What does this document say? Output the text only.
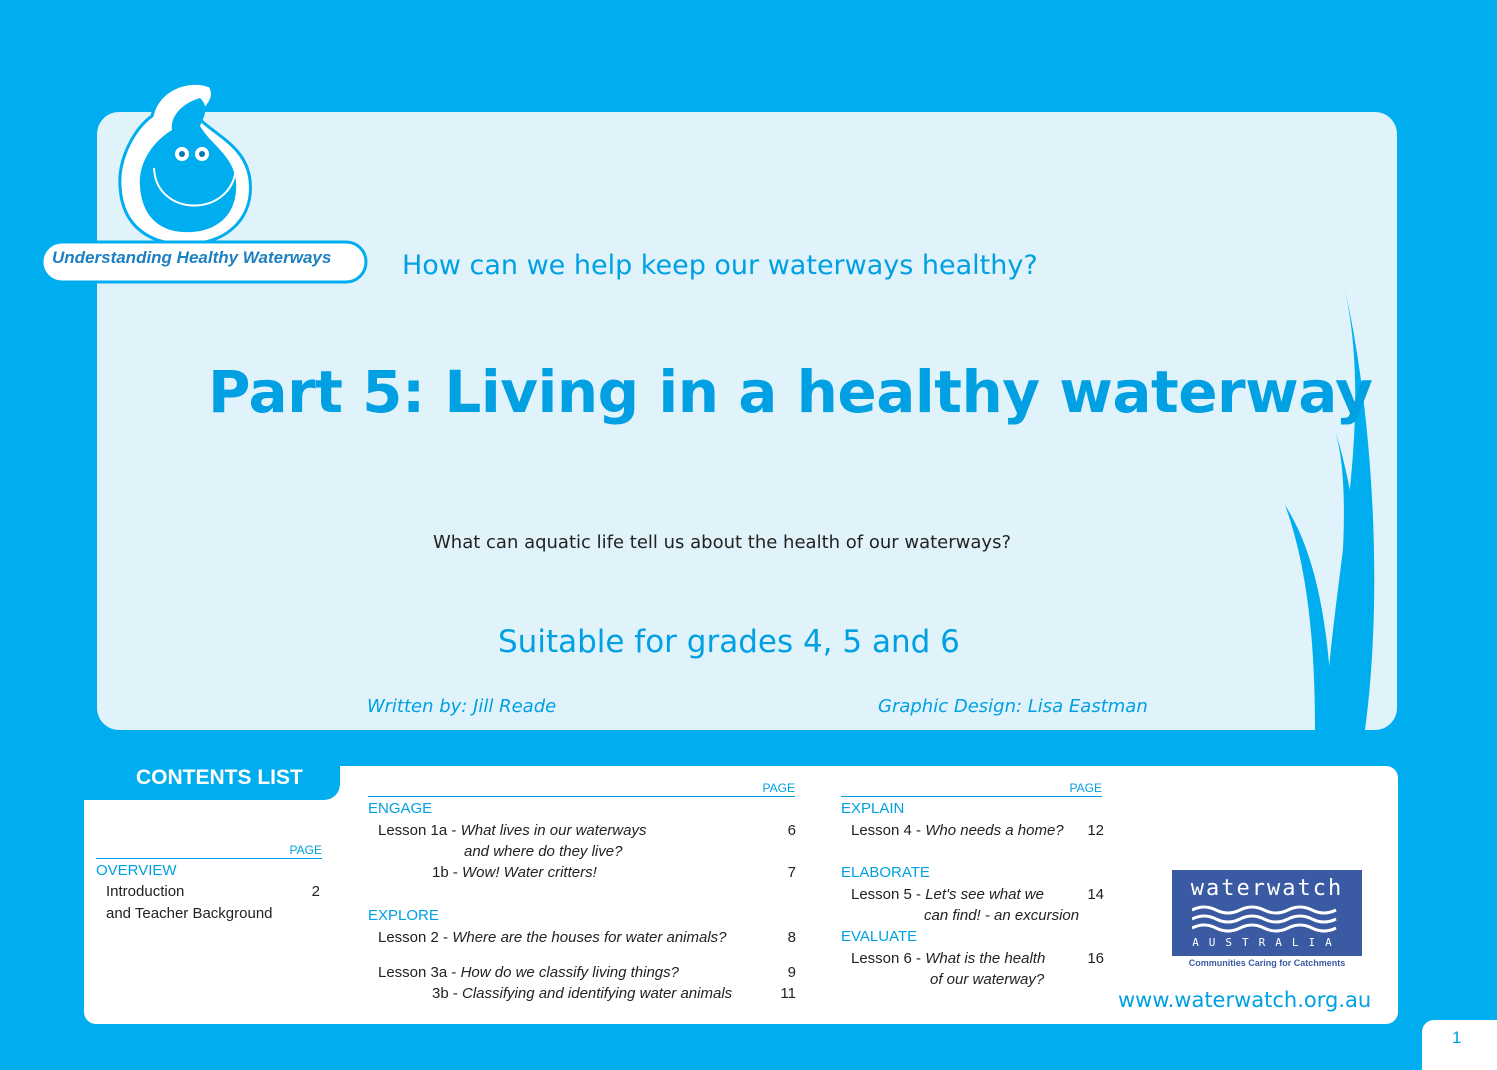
Understanding Healthy Waterways	How can we help keep our waterways healthy?
Part 5: Living in a healthy waterway
What can aquatic life tell us about the health of our waterways?
Suitable for grades 4, 5 and 6
Written by: Jill Reade	Graphic Design: Lisa Eastman
CONTENTS LIST
PAGE
OVERVIEW
Introduction	2
and Teacher Background
PAGE
ENGAGE
Lesson 1a - What lives in our waterways	6
and where do they live?
1b - Wow! Water critters!	7
EXPLORE
Lesson 2 - Where are the houses for water animals?	8
Lesson 3a - How do we classify living things?	9
3b - Classifying and identifying water animals	11
PAGE
EXPLAIN
Lesson 4 - Who needs a home?	12
ELABORATE
Lesson 5 - Let's see what we	14
can find! - an excursion
EVALUATE
Lesson 6 - What is the health	16
of our waterway?
waterwatch
AUSTRALIA
Communities Caring for Catchments
www.waterwatch.org.au
1
